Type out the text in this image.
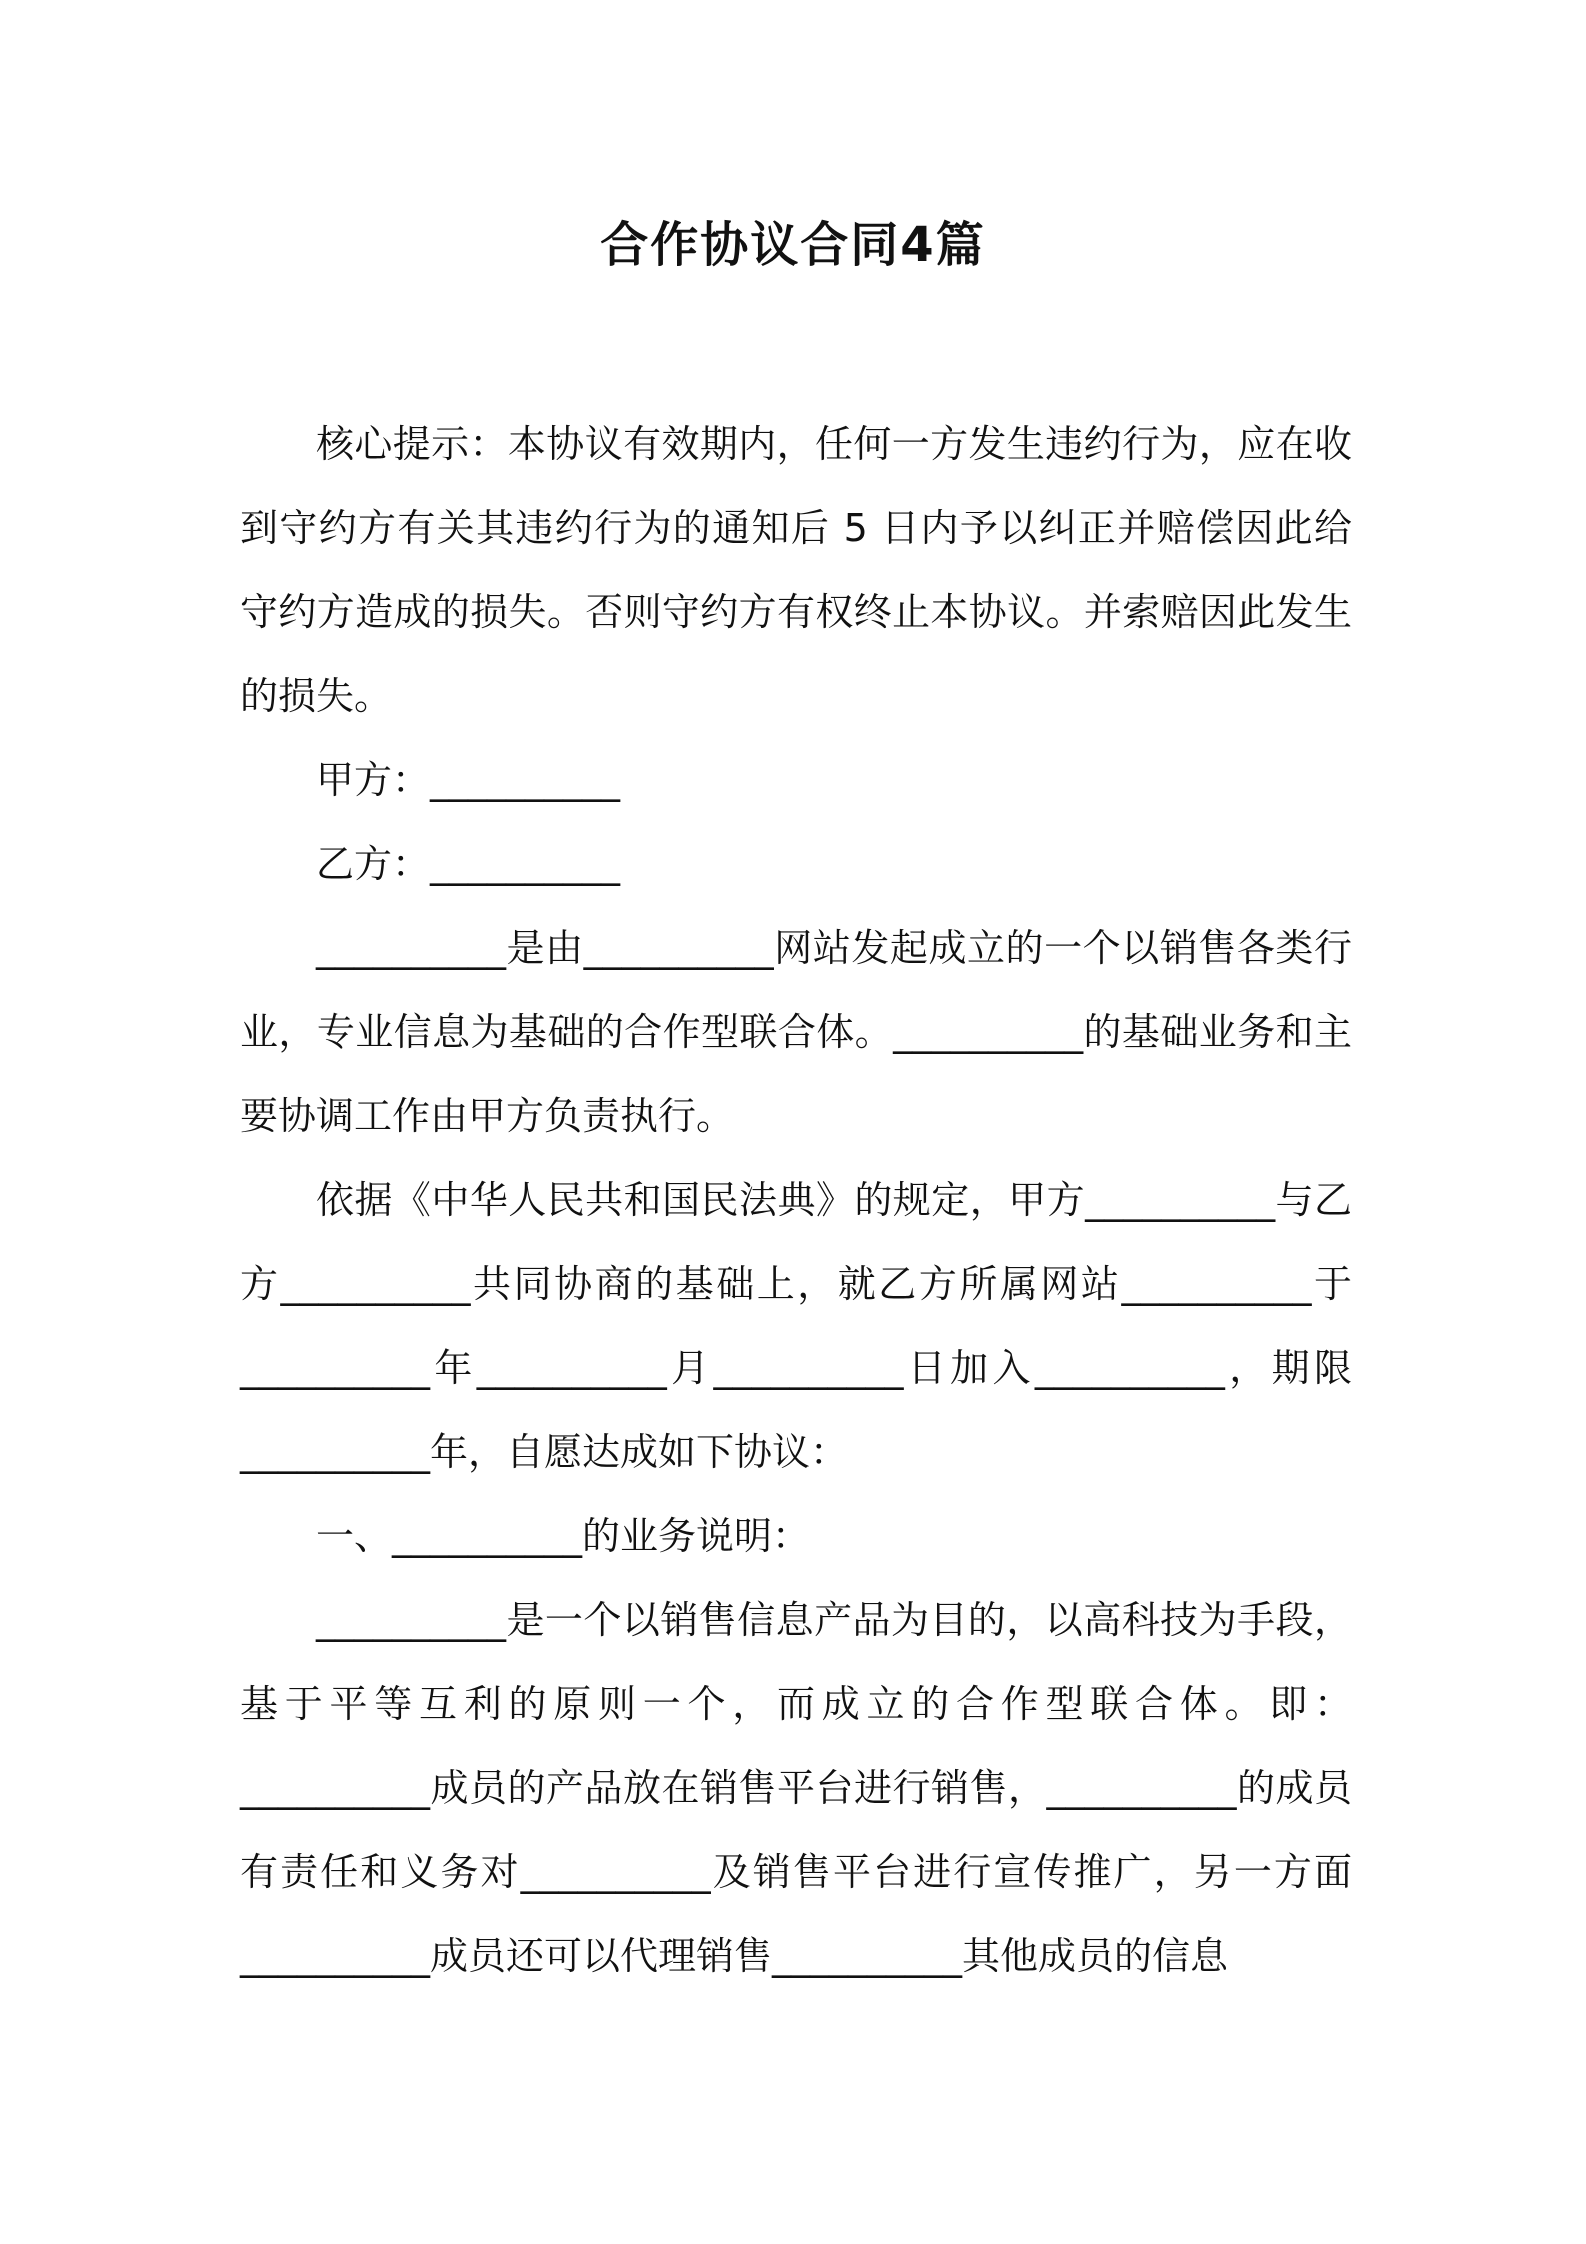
合作协议合同4篇

核心提示：本协议有效期内，任何一方发生违约行为，应在收到守约方有关其违约行为的通知后 5 日内予以纠正并赔偿因此给守约方造成的损失。否则守约方有权终止本协议。并索赔因此发生的损失。

甲方：__________

乙方：__________

__________是由__________网站发起成立的一个以销售各类行业，专业信息为基础的合作型联合体。__________的基础业务和主要协调工作由甲方负责执行。

依据《中华人民共和国民法典》的规定，甲方__________与乙方__________共同协商的基础上，就乙方所属网站__________于__________年__________月__________日加入__________，期限__________年，自愿达成如下协议：

一、__________的业务说明：

__________是一个以销售信息产品为目的，以高科技为手段，基于平等互利的原则一个，而成立的合作型联合体。即：__________成员的产品放在销售平台进行销售，__________的成员有责任和义务对__________及销售平台进行宣传推广，另一方面__________成员还可以代理销售__________其他成员的信息
